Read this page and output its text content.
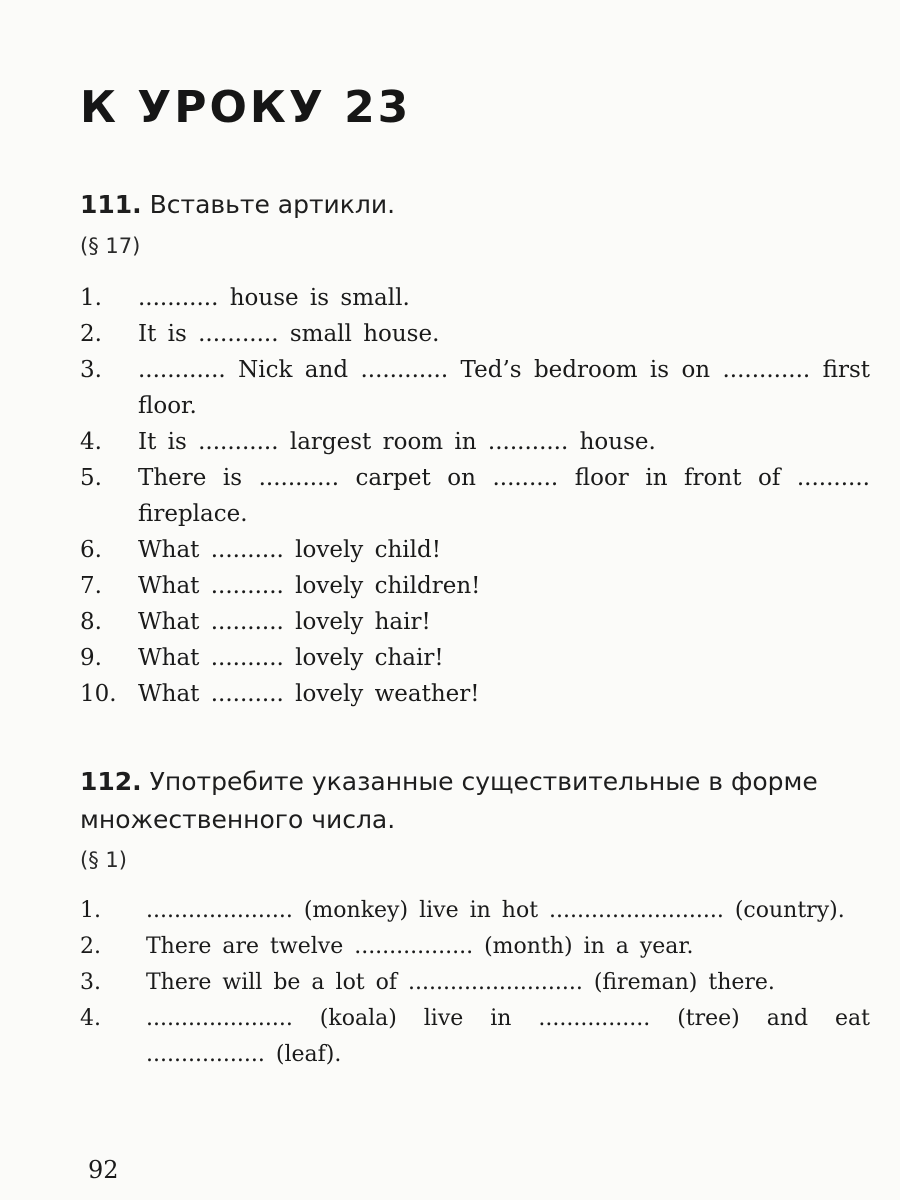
К УРОКУ 23
111. Вставьте артикли.
(§ 17)
1.	........... house is small.
2.	It is ........... small house.
3.	............ Nick and ............ Ted’s bedroom is on ............ first floor.
4.	It is ........... largest room in ........... house.
5.	There is ........... carpet on ......... floor in front of .......... fireplace.
6.	What .......... lovely child!
7.	What .......... lovely children!
8.	What .......... lovely hair!
9.	What .......... lovely chair!
10. What .......... lovely weather!
112. Употребите указанные существительные в форме множественного числа.
(§ 1)
1.	..................... (monkey) live in hot ......................... (country).
2.	There are twelve ................. (month) in a year.
3.	There will be a lot of ......................... (fireman) there.
4.	..................... (koala) live in ................ (tree) and eat ................. (leaf).
92
